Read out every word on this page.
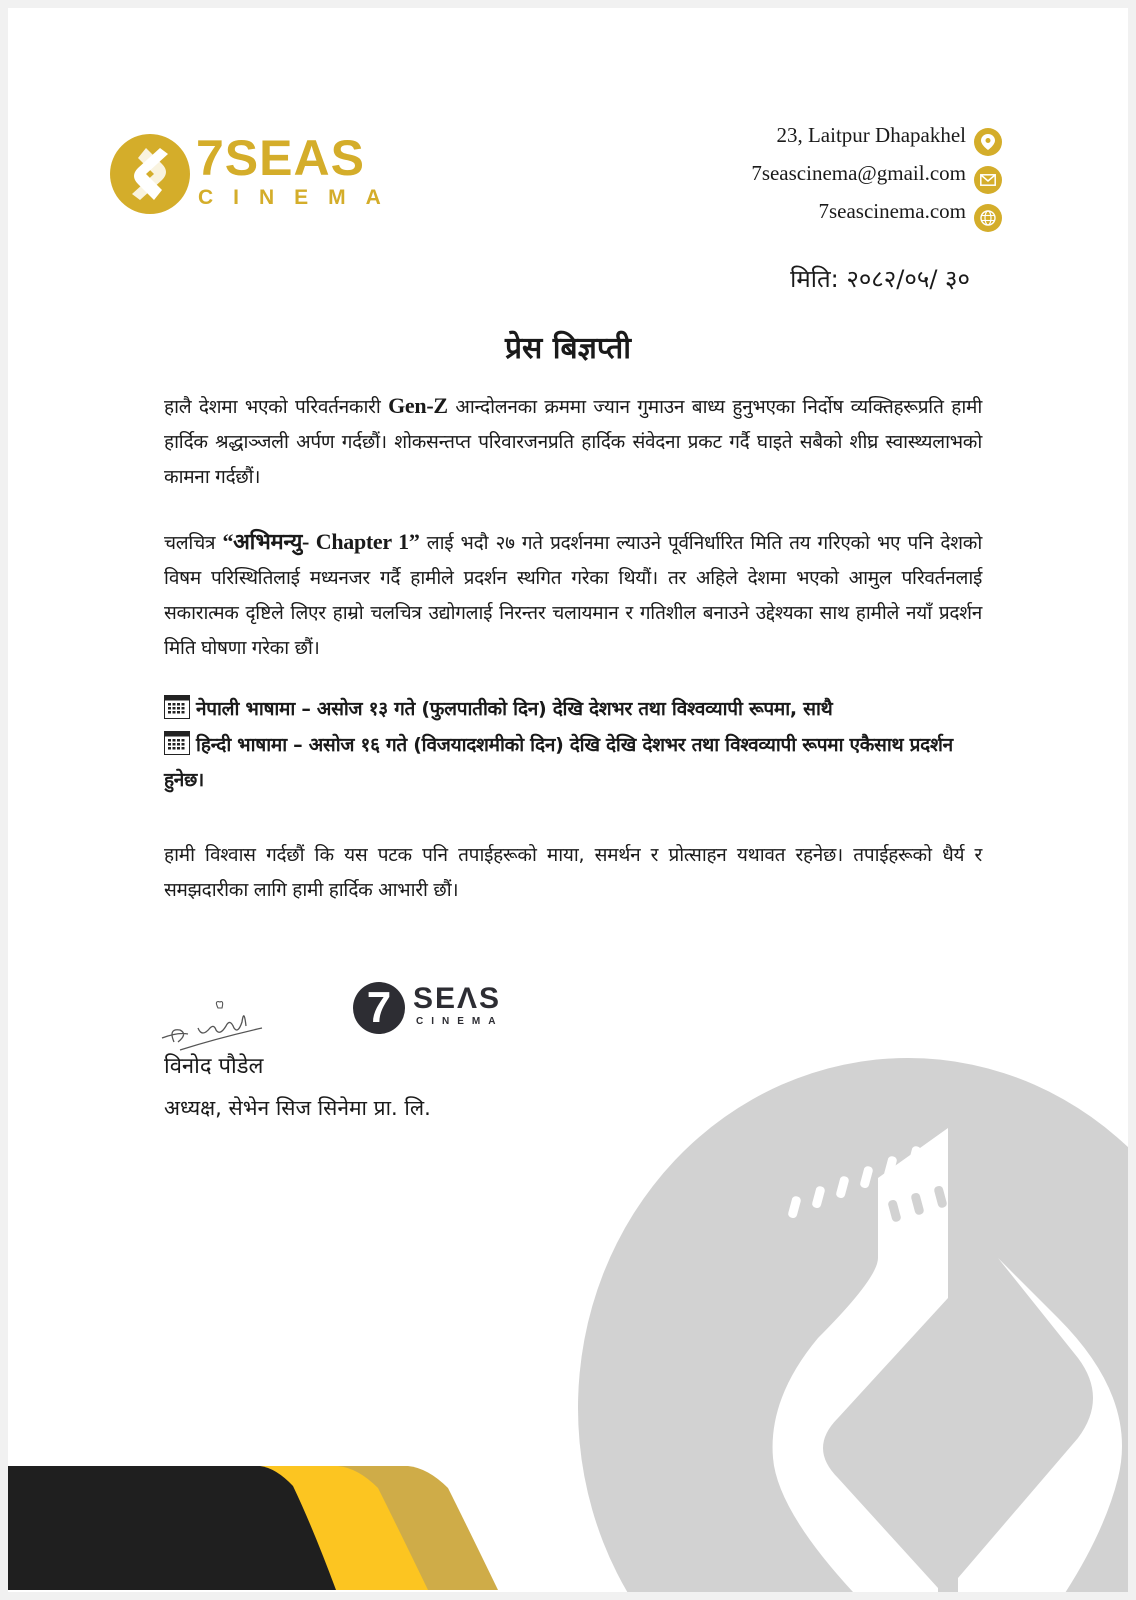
7SEAS
CINEMA
23, Laitpur Dhapakhel
7seascinema@gmail.com
7seascinema.com
मिति: २०८२/०५/ ३०
प्रेस बिज्ञप्ती
हालै देशमा भएको परिवर्तनकारी Gen-Z आन्दोलनका क्रममा ज्यान गुमाउन बाध्य हुनुभएका निर्दोष व्यक्तिहरूप्रति हामी हार्दिक श्रद्धाञ्जली अर्पण गर्दछौं। शोकसन्तप्त परिवारजनप्रति हार्दिक संवेदना प्रकट गर्दै घाइते सबैको शीघ्र स्वास्थ्यलाभको कामना गर्दछौं।
चलचित्र “अभिमन्यु- Chapter 1” लाई भदौ २७ गते प्रदर्शनमा ल्याउने पूर्वनिर्धारित मिति तय गरिएको भए पनि देशको विषम परिस्थितिलाई मध्यनजर गर्दै हामीले प्रदर्शन स्थगित गरेका थियौं। तर अहिले देशमा भएको आमुल परिवर्तनलाई सकारात्मक दृष्टिले लिएर हाम्रो चलचित्र उद्योगलाई निरन्तर चलायमान र गतिशील बनाउने उद्देश्यका साथ हामीले नयाँ प्रदर्शन मिति घोषणा गरेका छौं।
नेपाली भाषामा – असोज १३ गते (फुलपातीको दिन) देखि देशभर तथा विश्वव्यापी रूपमा, साथै
हिन्दी भाषामा – असोज १६ गते (विजयादशमीको दिन) देखि देखि देशभर तथा विश्वव्यापी रूपमा एकैसाथ प्रदर्शन हुनेछ।
हामी विश्वास गर्दछौं कि यस पटक पनि तपाईहरूको माया, समर्थन र प्रोत्साहन यथावत रहनेछ। तपाईहरूको धैर्य र समझदारीका लागि हामी हार्दिक आभारी छौं।
विनोद पौडेल
अध्यक्ष, सेभेन सिज सिनेमा प्रा. लि.
7 SEΛS
CINEMA
